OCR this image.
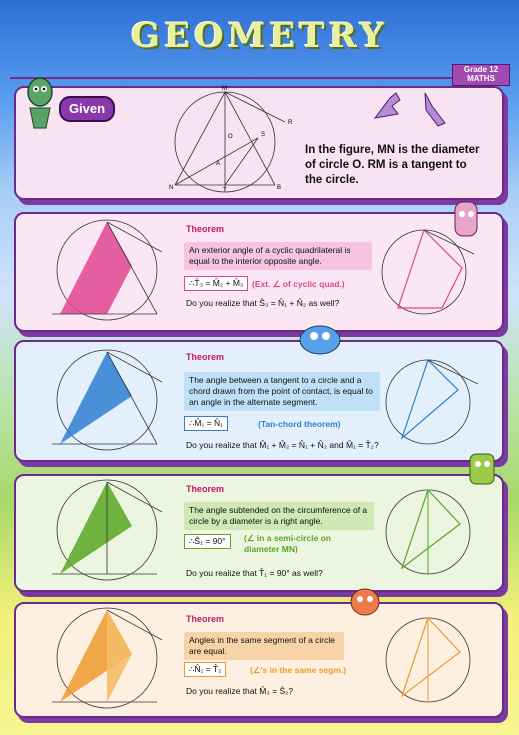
GEOMETRY
Grade 12
MATHS
Given
M
R
S
O
N	T	B
A
In the figure, MN is the diameter of circle O. RM is a tangent to the circle.
Theorem
An exterior angle of a cyclic quadrilateral is equal to the interior opposite angle.
∴T̂₃ = M̂₂ + M̂₃	(Ext. ∠ of cyclic quad.)
Do you realize that Ŝ₃ = N̂₁ + N̂₂ as well?
Theorem
The angle between a tangent to a circle and a chord drawn from the point of contact, is equal to an angle in the alternate segment.
∴M̂₁ = N̂₁	(Tan-chord theorem)
Do you realize that M̂₁ + M̂₂ = N̂₁ + N̂₂ and M̂₁ = T̂₂?
Theorem
The angle subtended on the circumference of a circle by a diameter is a right angle.
∴Ŝ₁ = 90°	(∠ in a semi-circle on diameter MN)
Do you realize that T̂₁ = 90° as well?
Theorem
Angles in the same segment of a circle are equal.
∴N̂₁ = T̂₂	(∠'s in the same segm.)
Do you realize that M̂₃ = Ŝ₂?
